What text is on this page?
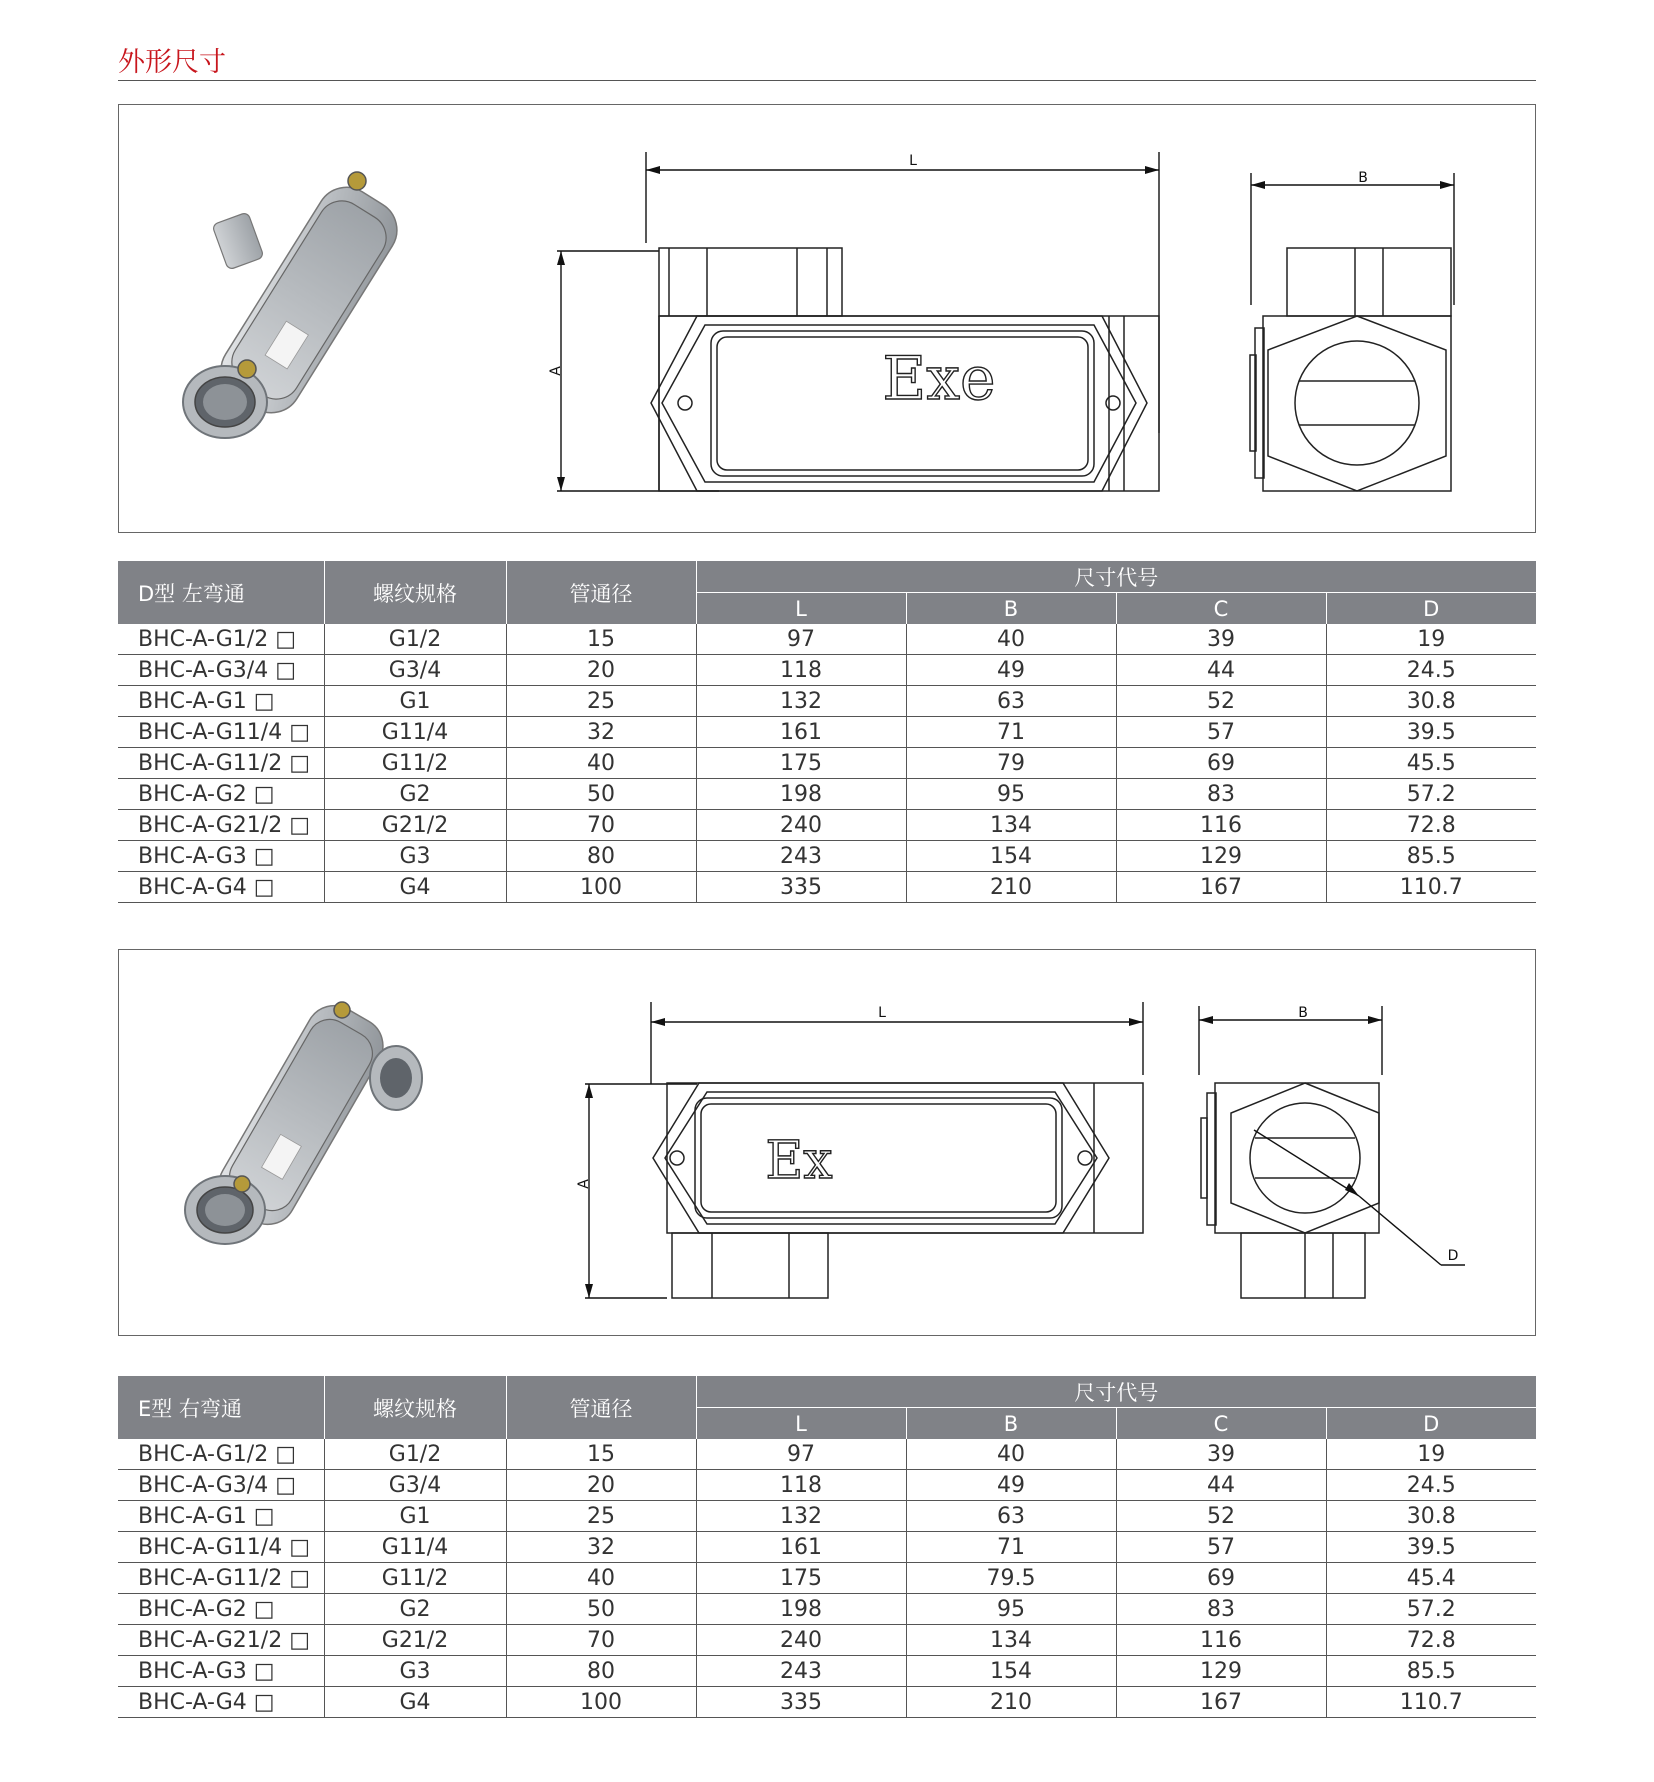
外形尺寸
L
A	Exe
B
D型 左弯通	螺纹规格	管通径	尺寸代号			
			L	B	C	D
BHC-A-G1/2 □	G1/2	15	97	40	39	19
BHC-A-G3/4 □	G3/4	20	118	49	44	24.5
BHC-A-G1 □	G1	25	132	63	52	30.8
BHC-A-G11/4 □	G11/4	32	161	71	57	39.5
BHC-A-G11/2 □	G11/2	40	175	79	69	45.5
BHC-A-G2 □	G2	50	198	95	83	57.2
BHC-A-G21/2 □	G21/2	70	240	134	116	72.8
BHC-A-G3 □	G3	80	243	154	129	85.5
BHC-A-G4 □	G4	100	335	210	167	110.7
L
A	Ex
B
D
E型 右弯通	螺纹规格	管通径	尺寸代号			
			L	B	C	D
BHC-A-G1/2 □	G1/2	15	97	40	39	19
BHC-A-G3/4 □	G3/4	20	118	49	44	24.5
BHC-A-G1 □	G1	25	132	63	52	30.8
BHC-A-G11/4 □	G11/4	32	161	71	57	39.5
BHC-A-G11/2 □	G11/2	40	175	79.5	69	45.4
BHC-A-G2 □	G2	50	198	95	83	57.2
BHC-A-G21/2 □	G21/2	70	240	134	116	72.8
BHC-A-G3 □	G3	80	243	154	129	85.5
BHC-A-G4 □	G4	100	335	210	167	110.7
